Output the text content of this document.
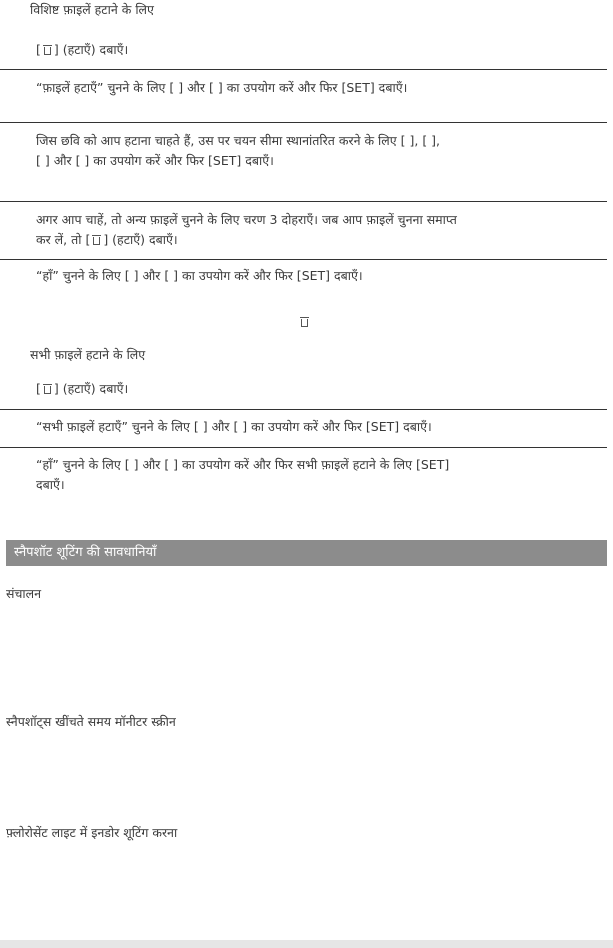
विशिष्ट फ़ाइलें हटाने के लिए
[ ] (हटाएँ) दबाएँ।
“फ़ाइलें हटाएँ” चुनने के लिए [ ] और [ ] का उपयोग करें और फिर [SET] दबाएँ।
जिस छवि को आप हटाना चाहते हैं, उस पर चयन सीमा स्थानांतरित करने के लिए [ ], [ ],
[ ] और [ ] का उपयोग करें और फिर [SET] दबाएँ।
अगर आप चाहें, तो अन्य फ़ाइलें चुनने के लिए चरण 3 दोहराएँ। जब आप फ़ाइलें चुनना समाप्त
कर लें, तो [ ] (हटाएँ) दबाएँ।
“हाँ” चुनने के लिए [ ] और [ ] का उपयोग करें और फिर [SET] दबाएँ।
सभी फ़ाइलें हटाने के लिए
[ ] (हटाएँ) दबाएँ।
“सभी फ़ाइलें हटाएँ” चुनने के लिए [ ] और [ ] का उपयोग करें और फिर [SET] दबाएँ।
“हाँ” चुनने के लिए [ ] और [ ] का उपयोग करें और फिर सभी फ़ाइलें हटाने के लिए [SET]
दबाएँ।
स्नैपशॉट शूटिंग की सावधानियाँ
संचालन
स्नैपशॉट्स खींचते समय मॉनीटर स्क्रीन
फ़्लोरोसेंट लाइट में इनडोर शूटिंग करना
